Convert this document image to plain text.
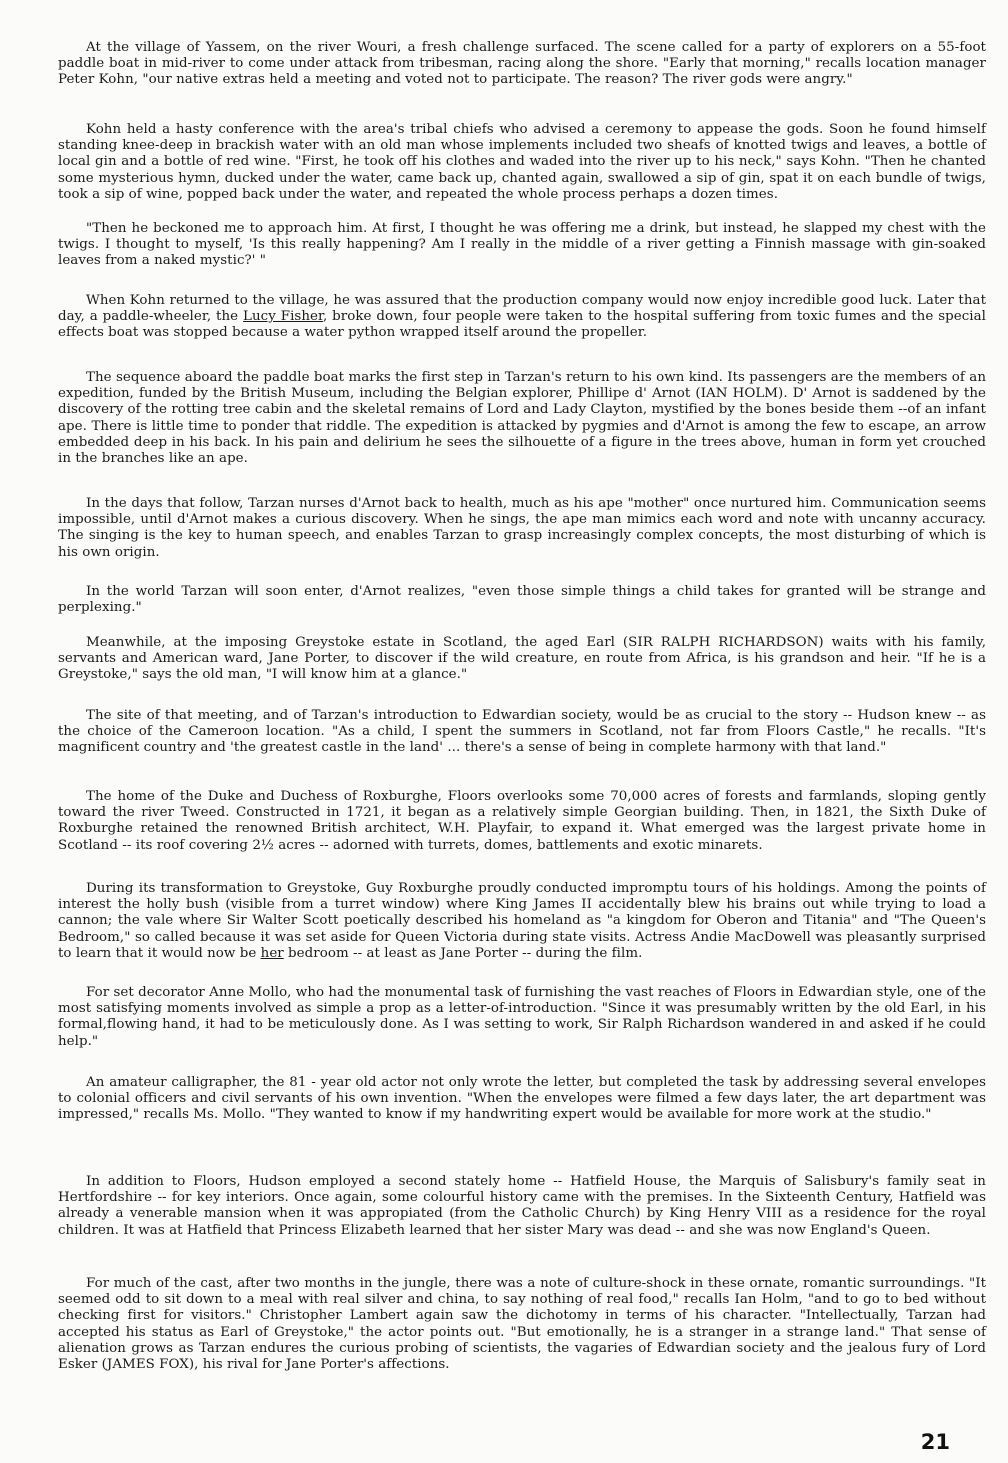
At the village of Yassem, on the river Wouri, a fresh challenge surfaced. The scene called for a party of explorers on a 55-foot paddle boat in mid-river to come under attack from tribesman, racing along the shore. "Early that morning," recalls location manager Peter Kohn, "our native extras held a meeting and voted not to participate. The reason? The river gods were angry."

Kohn held a hasty conference with the area's tribal chiefs who advised a ceremony to appease the gods. Soon he found himself standing knee-deep in brackish water with an old man whose implements included two sheafs of knotted twigs and leaves, a bottle of local gin and a bottle of red wine. "First, he took off his clothes and waded into the river up to his neck," says Kohn. "Then he chanted some mysterious hymn, ducked under the water, came back up, chanted again, swallowed a sip of gin, spat it on each bundle of twigs, took a sip of wine, popped back under the water, and repeated the whole process perhaps a dozen times.

"Then he beckoned me to approach him. At first, I thought he was offering me a drink, but instead, he slapped my chest with the twigs. I thought to myself, 'Is this really happening? Am I really in the middle of a river getting a Finnish massage with gin-soaked leaves from a naked mystic?' "

When Kohn returned to the village, he was assured that the production company would now enjoy incredible good luck. Later that day, a paddle-wheeler, the Lucy Fisher, broke down, four people were taken to the hospital suffering from toxic fumes and the special effects boat was stopped because a water python wrapped itself around the propeller.

The sequence aboard the paddle boat marks the first step in Tarzan's return to his own kind. Its passengers are the members of an expedition, funded by the British Museum, including the Belgian explorer, Phillipe d' Arnot (IAN HOLM). D' Arnot is saddened by the discovery of the rotting tree cabin and the skeletal remains of Lord and Lady Clayton, mystified by the bones beside them --of an infant ape. There is little time to ponder that riddle. The expedition is attacked by pygmies and d'Arnot is among the few to escape, an arrow embedded deep in his back. In his pain and delirium he sees the silhouette of a figure in the trees above, human in form yet crouched in the branches like an ape.

In the days that follow, Tarzan nurses d'Arnot back to health, much as his ape "mother" once nurtured him. Communication seems impossible, until d'Arnot makes a curious discovery. When he sings, the ape man mimics each word and note with uncanny accuracy. The singing is the key to human speech, and enables Tarzan to grasp increasingly complex concepts, the most disturbing of which is his own origin.

In the world Tarzan will soon enter, d'Arnot realizes, "even those simple things a child takes for granted will be strange and perplexing."

Meanwhile, at the imposing Greystoke estate in Scotland, the aged Earl (SIR RALPH RICHARDSON) waits with his family, servants and American ward, Jane Porter, to discover if the wild creature, en route from Africa, is his grandson and heir. "If he is a Greystoke," says the old man, "I will know him at a glance."

The site of that meeting, and of Tarzan's introduction to Edwardian society, would be as crucial to the story -- Hudson knew -- as the choice of the Cameroon location. "As a child, I spent the summers in Scotland, not far from Floors Castle," he recalls. "It's magnificent country and 'the greatest castle in the land' ... there's a sense of being in complete harmony with that land."

The home of the Duke and Duchess of Roxburghe, Floors overlooks some 70,000 acres of forests and farmlands, sloping gently toward the river Tweed. Constructed in 1721, it began as a relatively simple Georgian building. Then, in 1821, the Sixth Duke of Roxburghe retained the renowned British architect, W.H. Playfair, to expand it. What emerged was the largest private home in Scotland -- its roof covering 2½ acres -- adorned with turrets, domes, battlements and exotic minarets.

During its transformation to Greystoke, Guy Roxburghe proudly conducted impromptu tours of his holdings. Among the points of interest the holly bush (visible from a turret window) where King James II accidentally blew his brains out while trying to load a cannon; the vale where Sir Walter Scott poetically described his homeland as "a kingdom for Oberon and Titania" and "The Queen's Bedroom," so called because it was set aside for Queen Victoria during state visits. Actress Andie MacDowell was pleasantly surprised to learn that it would now be her bedroom -- at least as Jane Porter -- during the film.

For set decorator Anne Mollo, who had the monumental task of furnishing the vast reaches of Floors in Edwardian style, one of the most satisfying moments involved as simple a prop as a letter-of-introduction. "Since it was presumably written by the old Earl, in his formal,flowing hand, it had to be meticulously done. As I was setting to work, Sir Ralph Richardson wandered in and asked if he could help."

An amateur calligrapher, the 81 - year old actor not only wrote the letter, but completed the task by addressing several envelopes to colonial officers and civil servants of his own invention. "When the envelopes were filmed a few days later, the art department was impressed," recalls Ms. Mollo. "They wanted to know if my handwriting expert would be available for more work at the studio."

In addition to Floors, Hudson employed a second stately home -- Hatfield House, the Marquis of Salisbury's family seat in Hertfordshire -- for key interiors. Once again, some colourful history came with the premises. In the Sixteenth Century, Hatfield was already a venerable mansion when it was appropiated (from the Catholic Church) by King Henry VIII as a residence for the royal children. It was at Hatfield that Princess Elizabeth learned that her sister Mary was dead -- and she was now England's Queen.

For much of the cast, after two months in the jungle, there was a note of culture-shock in these ornate, romantic surroundings. "It seemed odd to sit down to a meal with real silver and china, to say nothing of real food," recalls Ian Holm, "and to go to bed without checking first for visitors." Christopher Lambert again saw the dichotomy in terms of his character. "Intellectually, Tarzan had accepted his status as Earl of Greystoke," the actor points out. "But emotionally, he is a stranger in a strange land." That sense of alienation grows as Tarzan endures the curious probing of scientists, the vagaries of Edwardian society and the jealous fury of Lord Esker (JAMES FOX), his rival for Jane Porter's affections.

21
